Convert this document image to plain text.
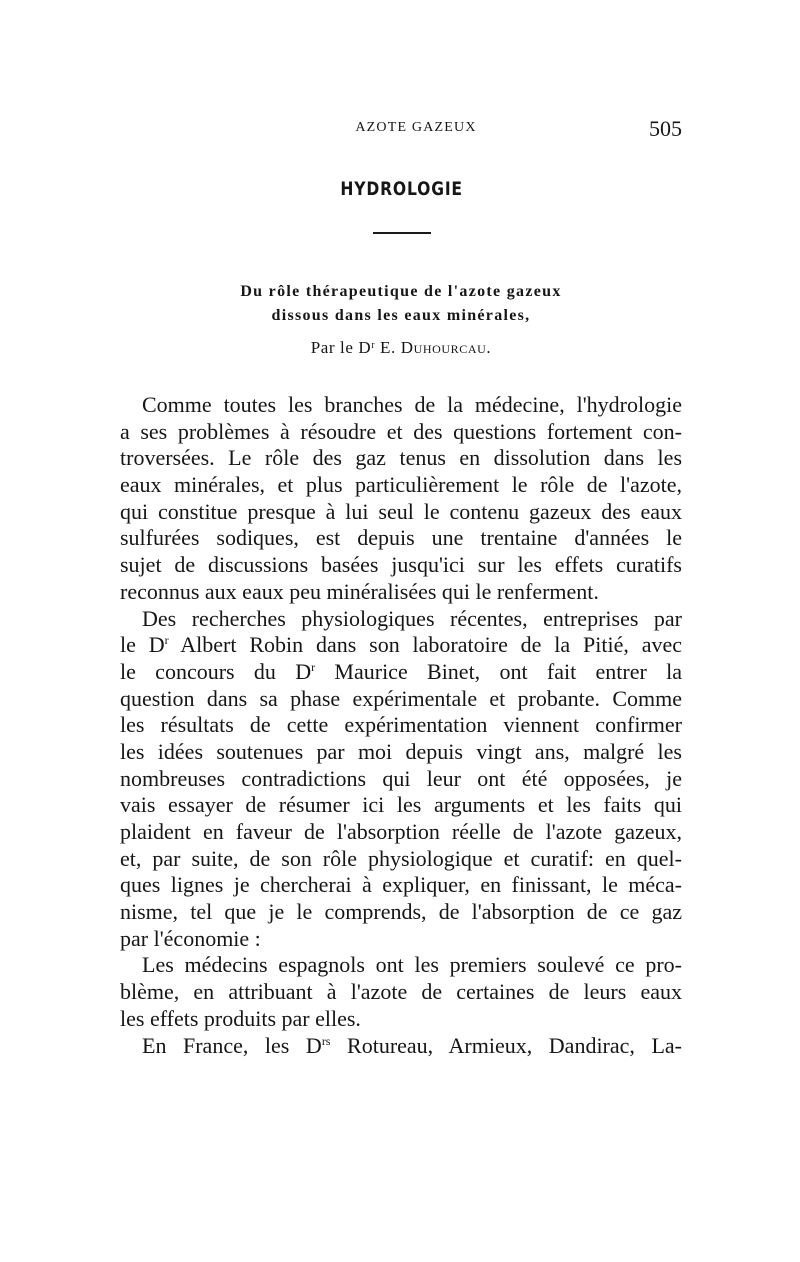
AZOTE GAZEUX	505
HYDROLOGIE
Du rôle thérapeutique de l'azote gazeux
dissous dans les eaux minérales,
Par le $D^r$ E. Duhourcau.
Comme toutes les branches de la médecine, l'hydrologie
a ses problèmes à résoudre et des questions fortement con-
troversées. Le rôle des gaz tenus en dissolution dans les
eaux minérales, et plus particulièrement le rôle de l'azote,
qui constitue presque à lui seul le contenu gazeux des eaux
sulfurées sodiques, est depuis une trentaine d'années le
sujet de discussions basées jusqu'ici sur les effets curatifs
reconnus aux eaux peu minéralisées qui le renferment.
Des recherches physiologiques récentes, entreprises par
le $D^r$ Albert Robin dans son laboratoire de la Pitié, avec
le concours du $D^r$ Maurice Binet, ont fait entrer la
question dans sa phase expérimentale et probante. Comme
les résultats de cette expérimentation viennent confirmer
les idées soutenues par moi depuis vingt ans, malgré les
nombreuses contradictions qui leur ont été opposées, je
vais essayer de résumer ici les arguments et les faits qui
plaident en faveur de l'absorption réelle de l'azote gazeux,
et, par suite, de son rôle physiologique et curatif: en quel-
ques lignes je chercherai à expliquer, en finissant, le méca-
nisme, tel que je le comprends, de l'absorption de ce gaz
par l'économie :
Les médecins espagnols ont les premiers soulevé ce pro-
blème, en attribuant à l'azote de certaines de leurs eaux
les effets produits par elles.
En France, les $D^{rs}$ Rotureau, Armieux, Dandirac, La-
